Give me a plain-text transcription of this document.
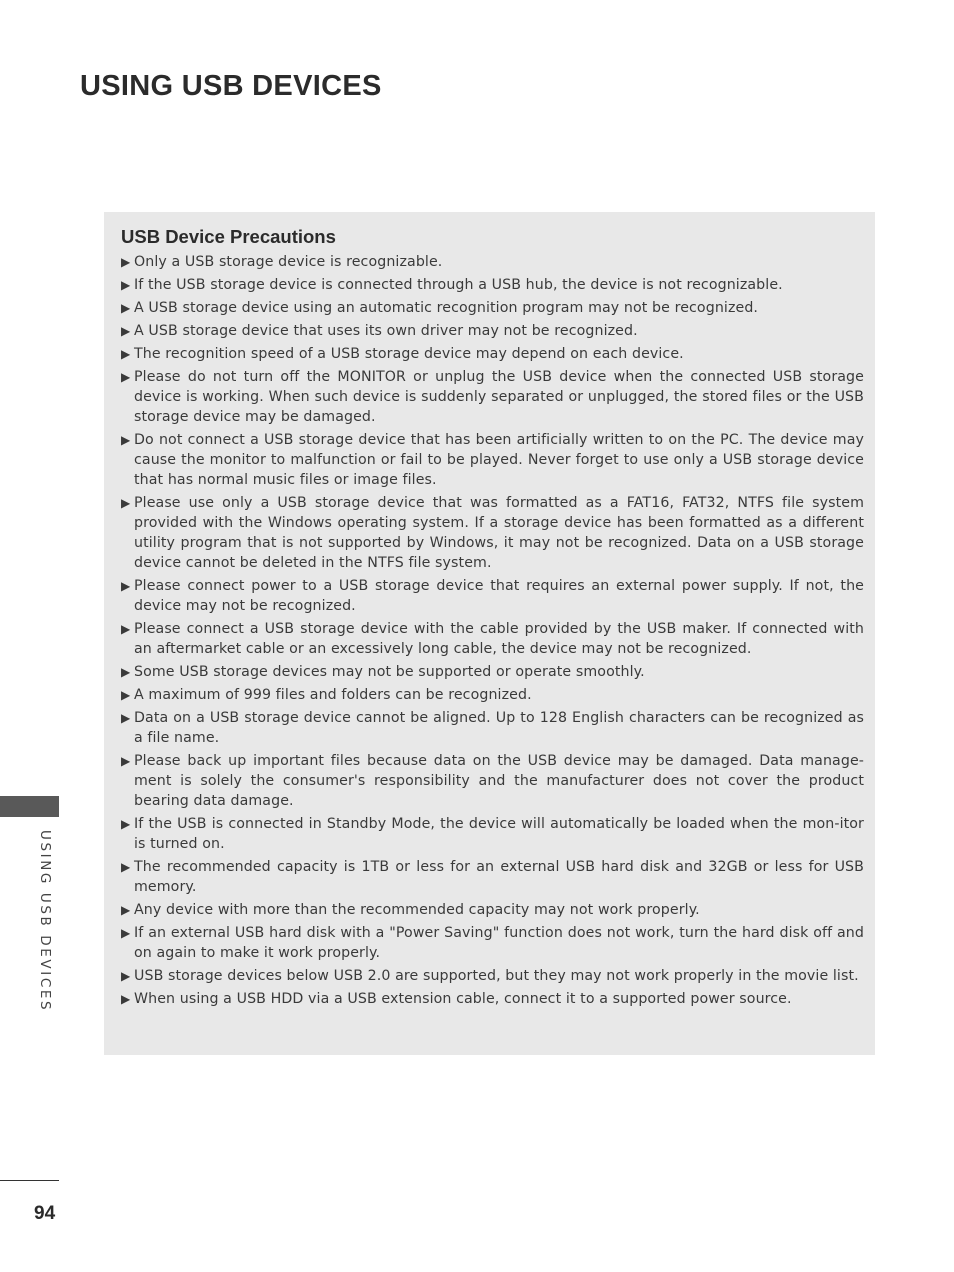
USING USB DEVICES
USB Device Precautions
▶ Only a USB storage device is recognizable.
▶ If the USB storage device is connected through a USB hub, the device is not recognizable.
▶ A USB storage device using an automatic recognition program may not be recognized.
▶ A USB storage device that uses its own driver may not be recognized.
▶ The recognition speed of a USB storage device may depend on each device.
▶ Please do not turn off the MONITOR or unplug the USB device when the connected USB storage device is working. When such device is suddenly separated or unplugged, the stored files or the USB storage device may be damaged.
▶ Do not connect a USB storage device that has been artificially written to on the PC. The device may cause the monitor to malfunction or fail to be played. Never forget to use only a USB storage device that has normal music files or image files.
▶ Please use only a USB storage device that was formatted as a FAT16, FAT32, NTFS file system provided with the Windows operating system. If a storage device has been formatted as a different utility program that is not supported by Windows, it may not be recognized. Data on a USB storage device cannot be deleted in the NTFS file system.
▶ Please connect power to a USB storage device that requires an external power supply. If not, the device may not be recognized.
▶ Please connect a USB storage device with the cable provided by the USB maker. If connected with an aftermarket cable or an excessively long cable, the device may not be recognized.
▶ Some USB storage devices may not be supported or operate smoothly.
▶ A maximum of 999 files and folders can be recognized.
▶ Data on a USB storage device cannot be aligned. Up to 128 English characters can be recognized as a file name.
▶ Please back up important files because data on the USB device may be damaged. Data manage-ment is solely the consumer's responsibility and the manufacturer does not cover the product bearing data damage.
▶ If the USB is connected in Standby Mode, the device will automatically be loaded when the mon-itor is turned on.
▶ The recommended capacity is 1TB or less for an external USB hard disk and 32GB or less for USB memory.
▶ Any device with more than the recommended capacity may not work properly.
▶ If an external USB hard disk with a "Power Saving" function does not work, turn the hard disk off and on again to make it work properly.
▶ USB storage devices below USB 2.0 are supported, but they may not work properly in the movie list.
▶ When using a USB HDD via a USB extension cable, connect it to a supported power source.
USING USB DEVICES
94
